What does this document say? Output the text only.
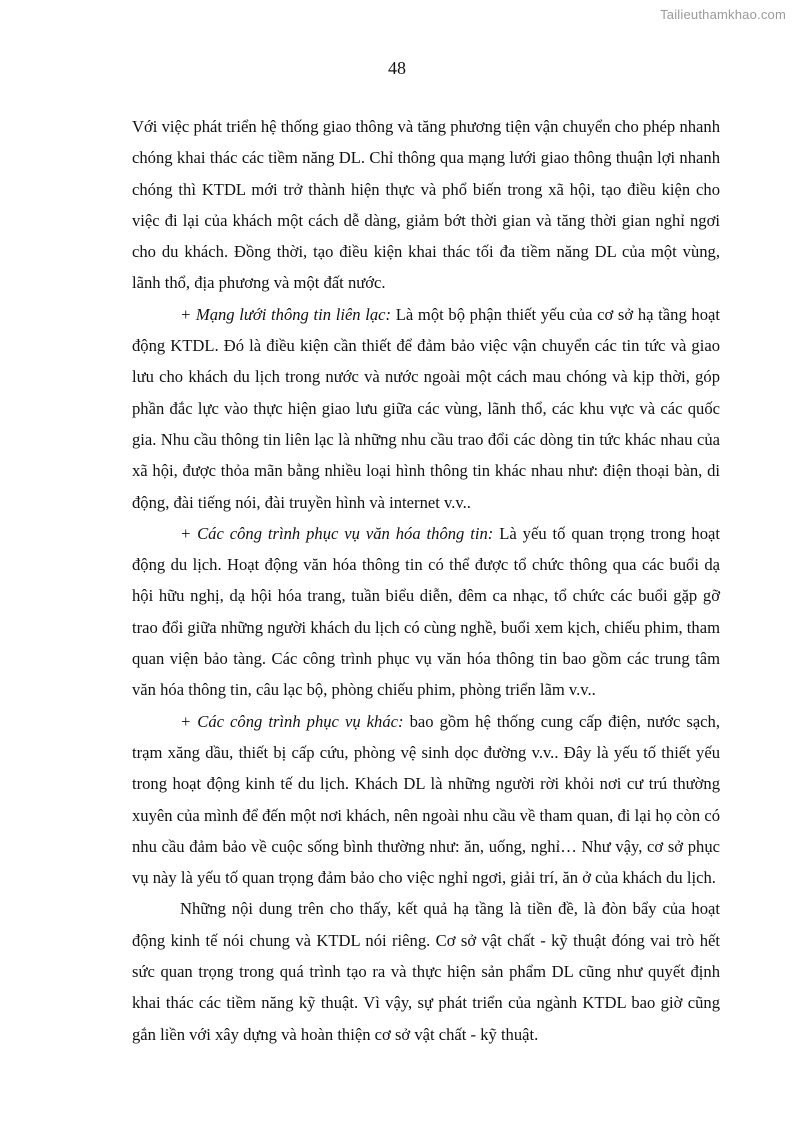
Tailieuthamkhao.com
48

Với việc phát triển hệ thống giao thông và tăng phương tiện vận chuyển cho phép nhanh chóng khai thác các tiềm năng DL. Chỉ thông qua mạng lưới giao thông thuận lợi nhanh chóng thì KTDL mới trở thành hiện thực và phổ biến trong xã hội, tạo điều kiện cho việc đi lại của khách một cách dễ dàng, giảm bớt thời gian và tăng thời gian nghỉ ngơi cho du khách. Đồng thời, tạo điều kiện khai thác tối đa tiềm năng DL của một vùng, lãnh thổ, địa phương và một đất nước.

+ Mạng lưới thông tin liên lạc: Là một bộ phận thiết yếu của cơ sở hạ tầng hoạt động KTDL. Đó là điều kiện cần thiết để đảm bảo việc vận chuyển các tin tức và giao lưu cho khách du lịch trong nước và nước ngoài một cách mau chóng và kịp thời, góp phần đắc lực vào thực hiện giao lưu giữa các vùng, lãnh thổ, các khu vực và các quốc gia. Nhu cầu thông tin liên lạc là những nhu cầu trao đổi các dòng tin tức khác nhau của xã hội, được thỏa mãn bằng nhiều loại hình thông tin khác nhau như: điện thoại bàn, di động, đài tiếng nói, đài truyền hình và internet v.v..

+ Các công trình phục vụ văn hóa thông tin: Là yếu tố quan trọng trong hoạt động du lịch. Hoạt động văn hóa thông tin có thể được tổ chức thông qua các buổi dạ hội hữu nghị, dạ hội hóa trang, tuần biểu diễn, đêm ca nhạc, tổ chức các buổi gặp gỡ trao đổi giữa những người khách du lịch có cùng nghề, buổi xem kịch, chiếu phim, tham quan viện bảo tàng. Các công trình phục vụ văn hóa thông tin bao gồm các trung tâm văn hóa thông tin, câu lạc bộ, phòng chiếu phim, phòng triển lãm v.v..

+ Các công trình phục vụ khác: bao gồm hệ thống cung cấp điện, nước sạch, trạm xăng dầu, thiết bị cấp cứu, phòng vệ sinh dọc đường v.v.. Đây là yếu tố thiết yếu trong hoạt động kinh tế du lịch. Khách DL là những người rời khỏi nơi cư trú thường xuyên của mình để đến một nơi khách, nên ngoài nhu cầu về tham quan, đi lại họ còn có nhu cầu đảm bảo về cuộc sống bình thường như: ăn, uống, nghỉ… Như vậy, cơ sở phục vụ này là yếu tố quan trọng đảm bảo cho việc nghỉ ngơi, giải trí, ăn ở của khách du lịch.

Những nội dung trên cho thấy, kết quả hạ tầng là tiền đề, là đòn bẩy của hoạt động kinh tế nói chung và KTDL nói riêng. Cơ sở vật chất - kỹ thuật đóng vai trò hết sức quan trọng trong quá trình tạo ra và thực hiện sản phẩm DL cũng như quyết định khai thác các tiềm năng kỹ thuật. Vì vậy, sự phát triển của ngành KTDL bao giờ cũng gắn liền với xây dựng và hoàn thiện cơ sở vật chất - kỹ thuật.
